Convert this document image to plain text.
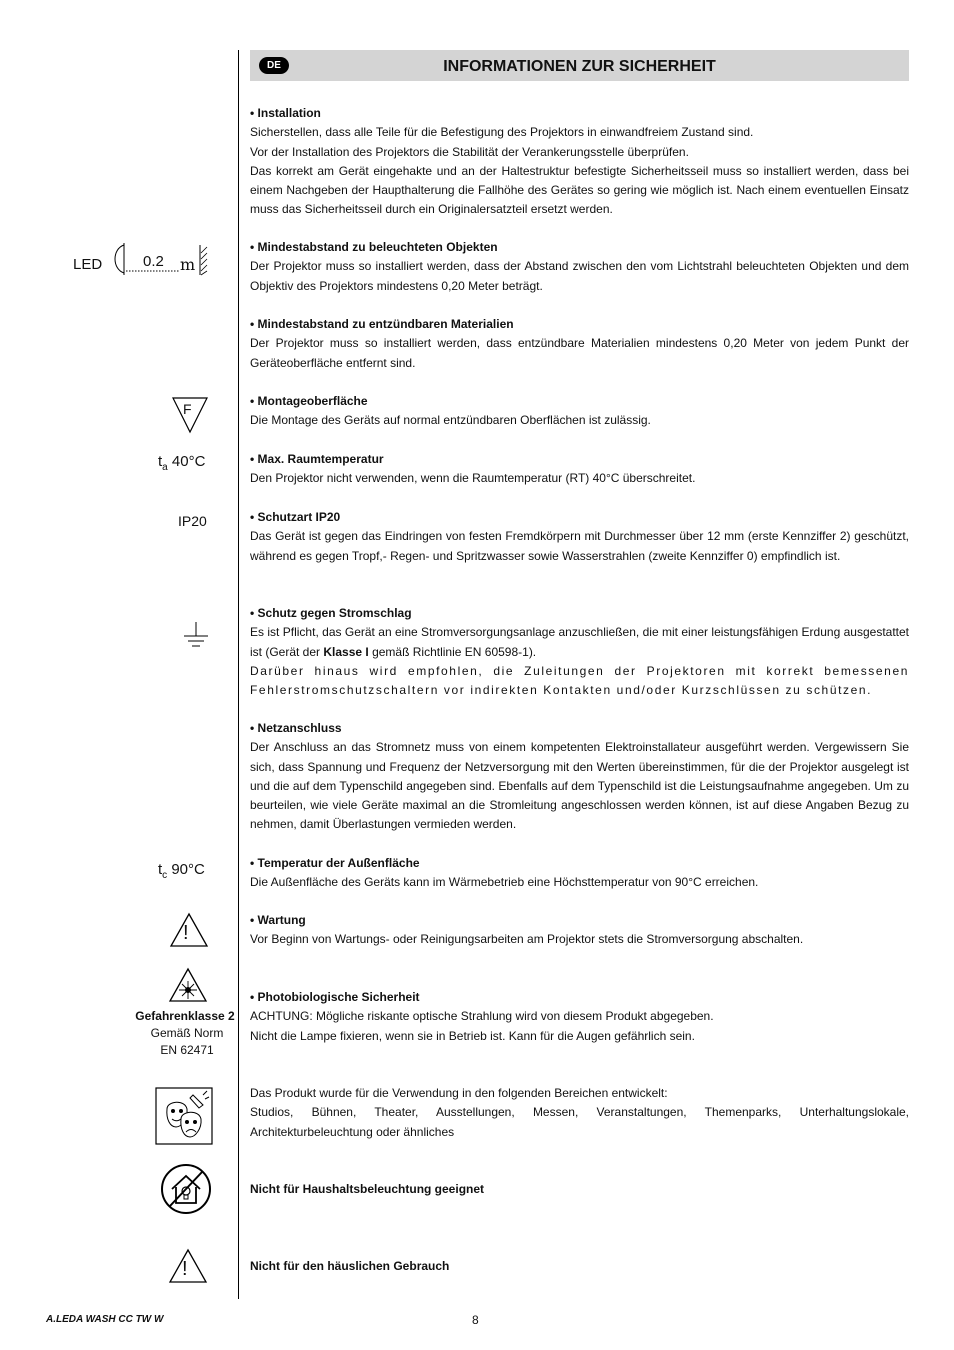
INFORMATIONEN ZUR SICHERHEIT
DE
• Installation

Sicherstellen, dass alle Teile für die Befestigung des Projektors in einwandfreiem Zustand sind.

Vor der Installation des Projektors die Stabilität der Verankerungsstelle überprüfen.

Das korrekt am Gerät eingehakte und an der Haltestruktur befestigte Sicherheitsseil muss so installiert werden, dass bei einem Nachgeben der Haupthalterung die Fallhöhe des Gerätes so gering wie möglich ist. Nach einem eventuellen Einsatz muss das Sicherheitsseil durch ein Originalersatzteil ersetzt werden.

• Mindestabstand zu beleuchteten Objekten

Der Projektor muss so installiert werden, dass der Abstand zwischen den vom Lichtstrahl beleuchteten Objekten und dem Objektiv des Projektors mindestens 0,20 Meter beträgt.

• Mindestabstand zu entzündbaren Materialien

Der Projektor muss so installiert werden, dass entzündbare Materialien mindestens 0,20 Meter von jedem Punkt der Geräteoberfläche entfernt sind.

• Montageoberfläche

Die Montage des Geräts auf normal entzündbaren Oberflächen ist zulässig.

• Max. Raumtemperatur

Den Projektor nicht verwenden, wenn die Raumtemperatur (RT) 40°C überschreitet.

• Schutzart IP20

Das Gerät ist gegen das Eindringen von festen Fremdkörpern mit Durchmesser über 12 mm (erste Kennziffer 2) geschützt, während es gegen Tropf,- Regen- und Spritzwasser sowie Wasserstrahlen (zweite Kennziffer 0) empfindlich ist.

• Schutz gegen Stromschlag

Es ist Pflicht, das Gerät an eine Stromversorgungsanlage anzuschließen, die mit einer leistungsfähigen Erdung ausgestattet ist (Gerät der Klasse I gemäß Richtlinie EN 60598-1).

Darüber hinaus wird empfohlen, die Zuleitungen der Projektoren mit korrekt bemessenen Fehlerstromschutzschaltern vor indirekten Kontakten und/oder Kurzschlüssen zu schützen.

• Netzanschluss

Der Anschluss an das Stromnetz muss von einem kompetenten Elektroinstallateur ausgeführt werden. Vergewissern Sie sich, dass Spannung und Frequenz der Netzversorgung mit den Werten übereinstimmen, für die der Projektor ausgelegt ist und die auf dem Typenschild angegeben sind. Ebenfalls auf dem Typenschild ist die Leistungsaufnahme angegeben. Um zu beurteilen, wie viele Geräte maximal an die Stromleitung angeschlossen werden können, ist auf diese Angaben Bezug zu nehmen, damit Überlastungen vermieden werden.

• Temperatur der Außenfläche

Die Außenfläche des Geräts kann im Wärmebetrieb eine Höchsttemperatur von 90°C erreichen.

• Wartung

Vor Beginn von Wartungs- oder Reinigungsarbeiten am Projektor stets die Stromversorgung abschalten.

• Photobiologische Sicherheit

ACHTUNG: Mögliche riskante optische Strahlung wird von diesem Produkt abgegeben.

Nicht die Lampe fixieren, wenn sie in Betrieb ist. Kann für die Augen gefährlich sein.

Das Produkt wurde für die Verwendung in den folgenden Bereichen entwickelt:

Studios, Bühnen, Theater, Ausstellungen, Messen, Veranstaltungen, Themenparks, Unterhaltungslokale, Architekturbeleuchtung oder ähnliches

Nicht für Haushaltsbeleuchtung geeignet
Nicht für den häuslichen Gebrauch
LED	0.2 m
F
$t_a$ 40°C
IP20
$t_c$ 90°C
!
Gefahrenklasse 2
Gemäß Norm
EN 62471
!
A.LEDA WASH CC TW W	8
